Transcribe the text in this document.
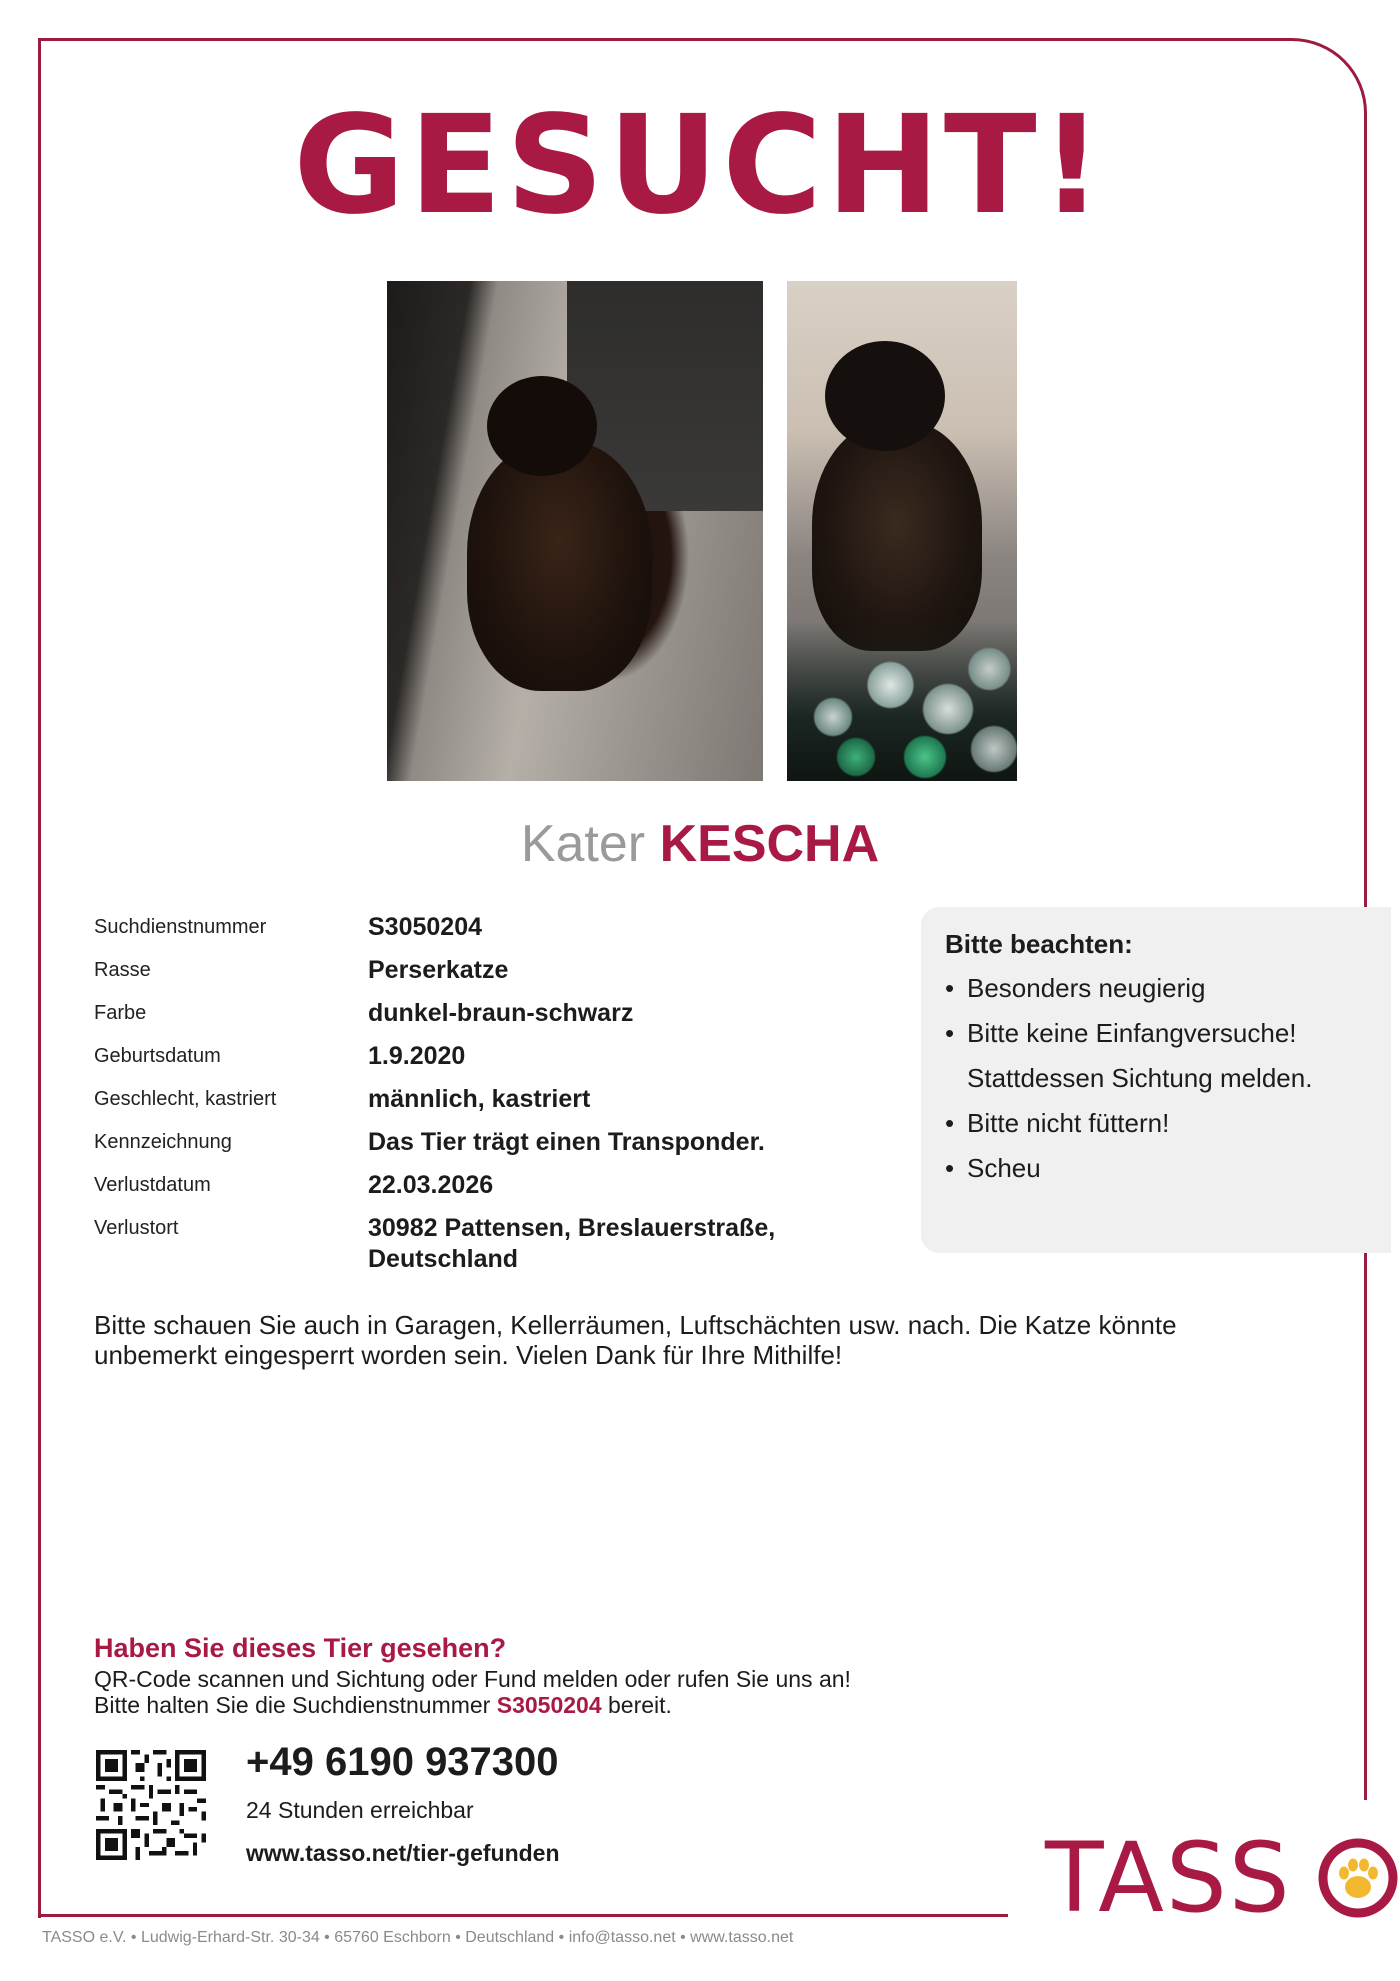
GESUCHT!
Kater KESCHA
Suchdienstnummer	S3050204
Rasse	Perserkatze
Farbe	dunkel-braun-schwarz
Geburtsdatum	1.9.2020
Geschlecht, kastriert	männlich, kastriert
Kennzeichnung	Das Tier trägt einen Transponder.
Verlustdatum	22.03.2026
Verlustort	30982 Pattensen, Breslauerstraße, Deutschland
Bitte beachten:
• Besonders neugierig
• Bitte keine Einfangversuche! Stattdessen Sichtung melden.
• Bitte nicht füttern!
• Scheu
Bitte schauen Sie auch in Garagen, Kellerräumen, Luftschächten usw. nach. Die Katze könnte unbemerkt eingesperrt worden sein. Vielen Dank für Ihre Mithilfe!
Haben Sie dieses Tier gesehen?
QR-Code scannen und Sichtung oder Fund melden oder rufen Sie uns an!
Bitte halten Sie die Suchdienstnummer S3050204 bereit.
+49 6190 937300
24 Stunden erreichbar
www.tasso.net/tier-gefunden	TASS
TASSO e.V. • Ludwig-Erhard-Str. 30-34 • 65760 Eschborn • Deutschland • info@tasso.net • www.tasso.net
